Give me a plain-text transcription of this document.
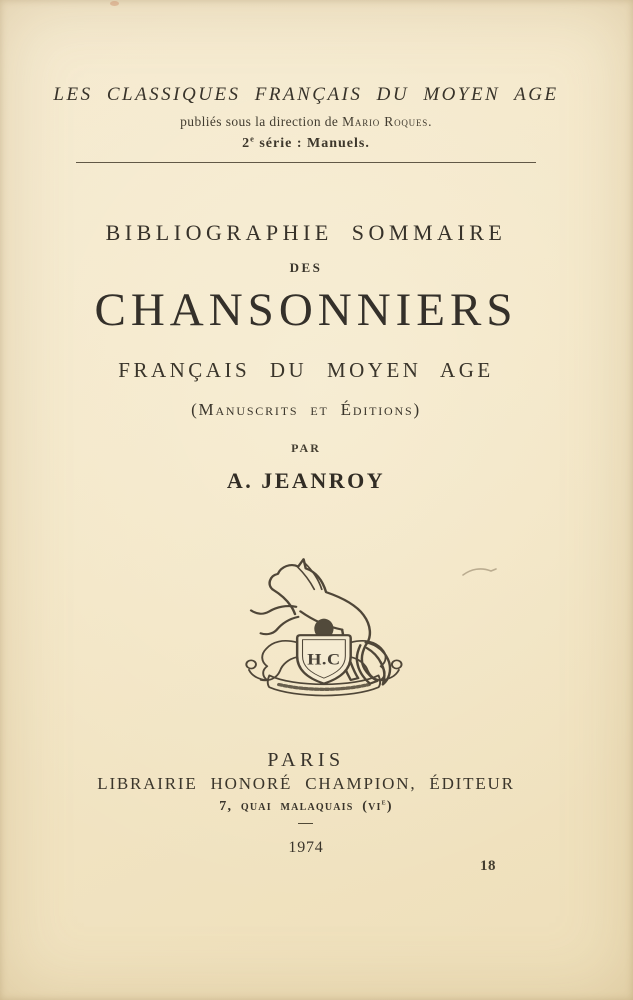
LES CLASSIQUES FRANÇAIS DU MOYEN AGE
publiés sous la direction de Mario Roques.
2e série : Manuels.
BIBLIOGRAPHIE SOMMAIRE
DES
CHANSONNIERS
FRANÇAIS DU MOYEN AGE
(Manuscrits et Éditions)
PAR
A. JEANROY
H.C
PARIS
LIBRAIRIE HONORÉ CHAMPION, ÉDITEUR
7, quai malaquais $(vi^e)$
1974
18
